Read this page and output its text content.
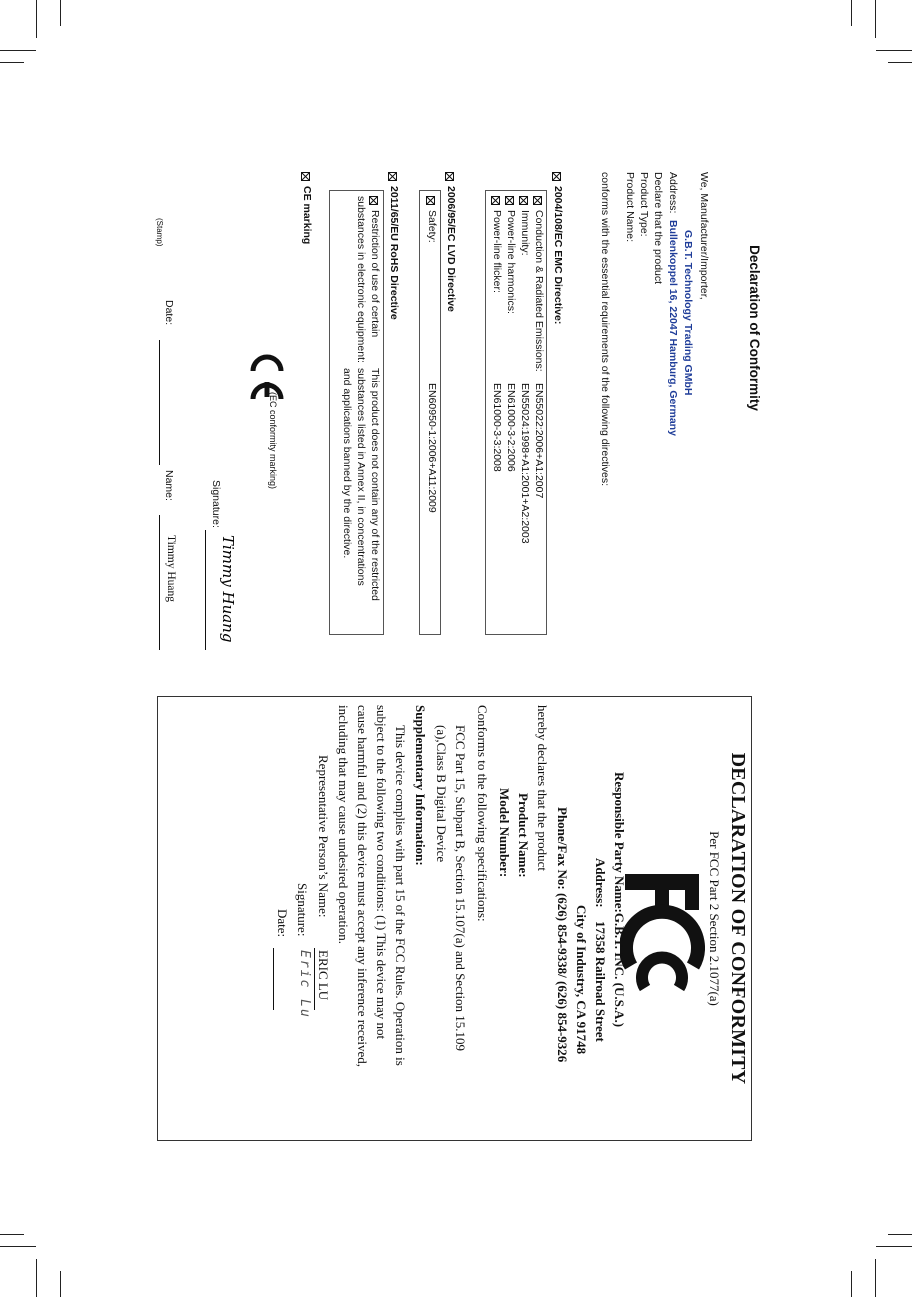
Declaration of Conformity
We, Manufacturer/Importer,
G.B.T. Technology Trading GMbH
Address:
Bullenkoppel 16, 22047 Hamburg, Germany
Declare that the product
Product Type:
Product Name:
conforms with the essential requirements of the following directives:
2004/108/EC EMC Directive:
Conduction & Radiated Emissions:
EN55022:2006+A1:2007
Immunity:
EN55024:1998+A1:2001+A2:2003
Power-line harmonics:
EN61000-3-2:2006
Power-line flicker:
EN61000-3-3:2008
2006/95/EC LVD Directive
Safety:
EN60950-1:2006+A11:2009
2011/65/EU RoHS Directive
Restriction of use of certain
substances in electronic equipment:
This product does not contain any of the restricted
substances listed in Annex II, in concentrations
and applications banned by the directive.
CE marking
(EC conformity marking)
Signature:
Timmy Huang
Date:
Name:
Timmy Huang
(Stamp)
DECLARATION OF CONFORMITY
Per FCC Part 2 Section 2.1077(a)
Responsible Party Name:G.B.T. INC. (U.S.A.)
Address:
17358 Railroad Street
City of Industry, CA 91748
Phone/Fax No: (626) 854-9338/ (626) 854-9326
hereby declares that the product
Product Name:
Model Number:
Conforms to the following specifications:
FCC Part 15, Subpart B, Section 15.107(a) and Section 15.109
(a),Class B Digital Device
Supplementary Information:
This device complies with part 15 of the FCC Rules. Operation is
subject to the following two conditions: (1) This device may not
cause harmful and (2) this device must accept any inference received,
including that may cause undesired operation.
Representative Person’s Name:
ERIC LU
Signature:
Eric Lu
Date:
